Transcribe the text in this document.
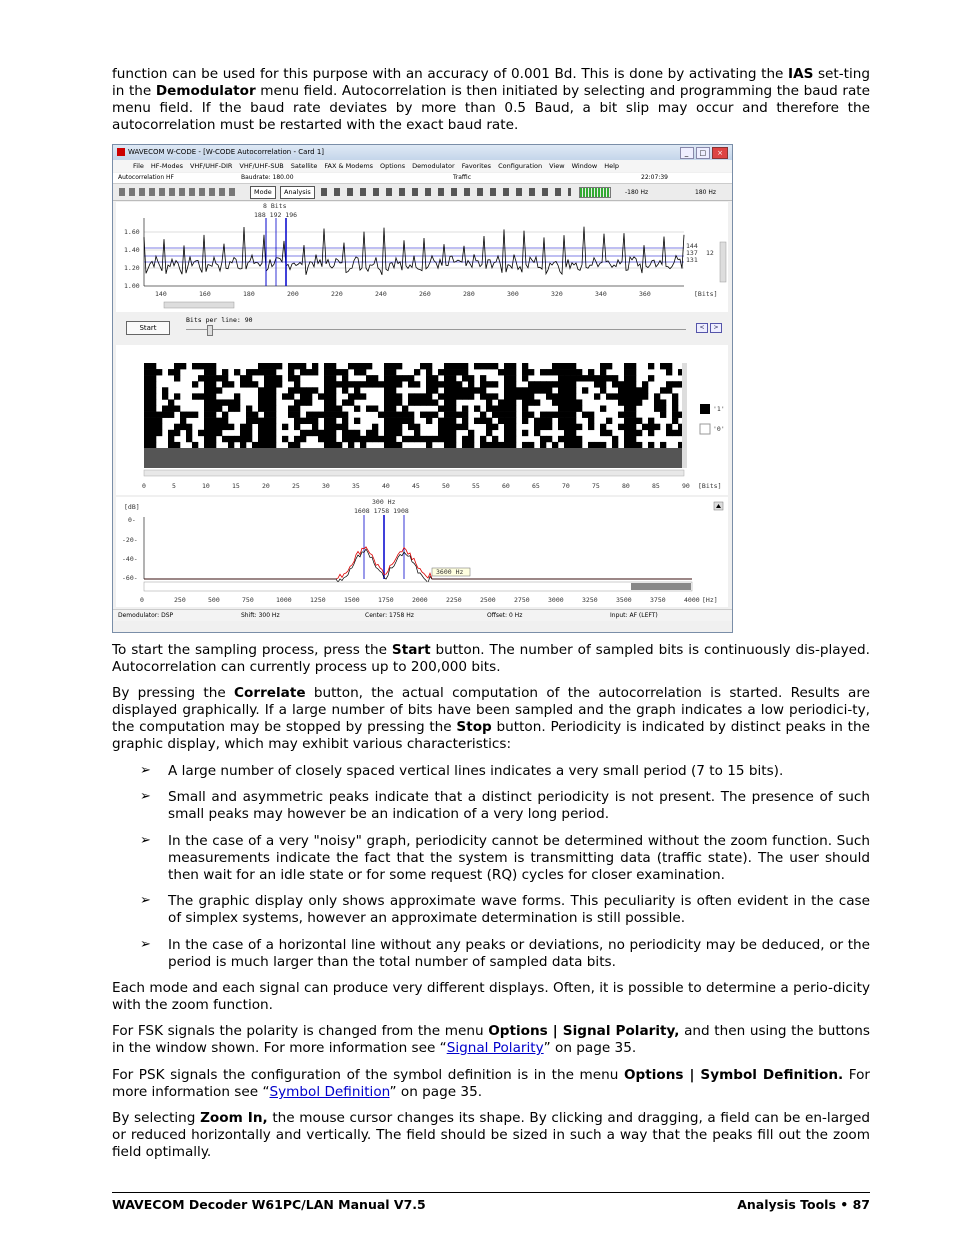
function can be used for this purpose with an accuracy of 0.001 Bd. This is done by activating the IAS set-ting in the Demodulator menu field. Autocorrelation is then initiated by selecting and programming the baud rate menu field. If the baud rate deviates by more than 0.5 Baud, a bit slip may occur and therefore the autocorrelation must be restarted with the exact baud rate.

WAVECOM W-CODE - [W-CODE Autocorrelation - Card 1]	_ □ ×
File HF-Modes VHF/UHF-DIR VHF/UHF-SUB Satellite FAX & Modems Options Demodulator Favorites Configuration View Window Help
Autocorrelation HF	Baudrate: 180.00	Traffic	22:07:39
Mode	Analysis	-180 Hz	180 Hz
8 Bits
188 192 196
1.60
1.40
1.20
1.00
140	160	180	200	220	240	260	280	300	320	340	360	[Bits]
144
137
131
12
Start
Bits per line: 90
<	>
0	5	10	15	20	25	30	35	40	45	50	55	60	65	70	75	80	85	90 [Bits]
'1'
'0'
[dB]
0-
-20-
-40-
-60-
300 Hz
1608 1758 1908
3600 Hz
0	250	500	750	1000	1250	1500	1750	2000	2250	2500	2750	3000	3250	3500	3750	4000 [Hz]
Demodulator: DSP	Shift: 300 Hz	Center: 1758 Hz	Offset: 0 Hz	Input: AF (LEFT)

To start the sampling process, press the Start button. The number of sampled bits is continuously dis-played. Autocorrelation can currently process up to 200,000 bits.

By pressing the Correlate button, the actual computation of the autocorrelation is started. Results are displayed graphically. If a large number of bits have been sampled and the graph indicates a low periodici-ty, the computation may be stopped by pressing the Stop button. Periodicity is indicated by distinct peaks in the graphic display, which may exhibit various characteristics:

➢ A large number of closely spaced vertical lines indicates a very small period (7 to 15 bits).

➢ Small and asymmetric peaks indicate that a distinct periodicity is not present. The presence of such small peaks may however be an indication of a very long period.

➢ In the case of a very "noisy" graph, periodicity cannot be determined without the zoom function. Such measurements indicate the fact that the system is transmitting data (traffic state). The user should then wait for an idle state or for some request (RQ) cycles for closer examination.

➢ The graphic display only shows approximate wave forms. This peculiarity is often evident in the case of simplex systems, however an approximate determination is still possible.

➢ In the case of a horizontal line without any peaks or deviations, no periodicity may be deduced, or the period is much larger than the total number of sampled data bits.

Each mode and each signal can produce very different displays. Often, it is possible to determine a perio-dicity with the zoom function.

For FSK signals the polarity is changed from the menu Options | Signal Polarity, and then using the buttons in the window shown. For more information see “Signal Polarity” on page 35.

For PSK signals the configuration of the symbol definition is in the menu Options | Symbol Definition. For more information see “Symbol Definition” on page 35.

By selecting Zoom In, the mouse cursor changes its shape. By clicking and dragging, a field can be en-larged or reduced horizontally and vertically. The field should be sized in such a way that the peaks fill out the zoom field optimally.

WAVECOM Decoder W61PC/LAN Manual V7.5	Analysis Tools • 87
